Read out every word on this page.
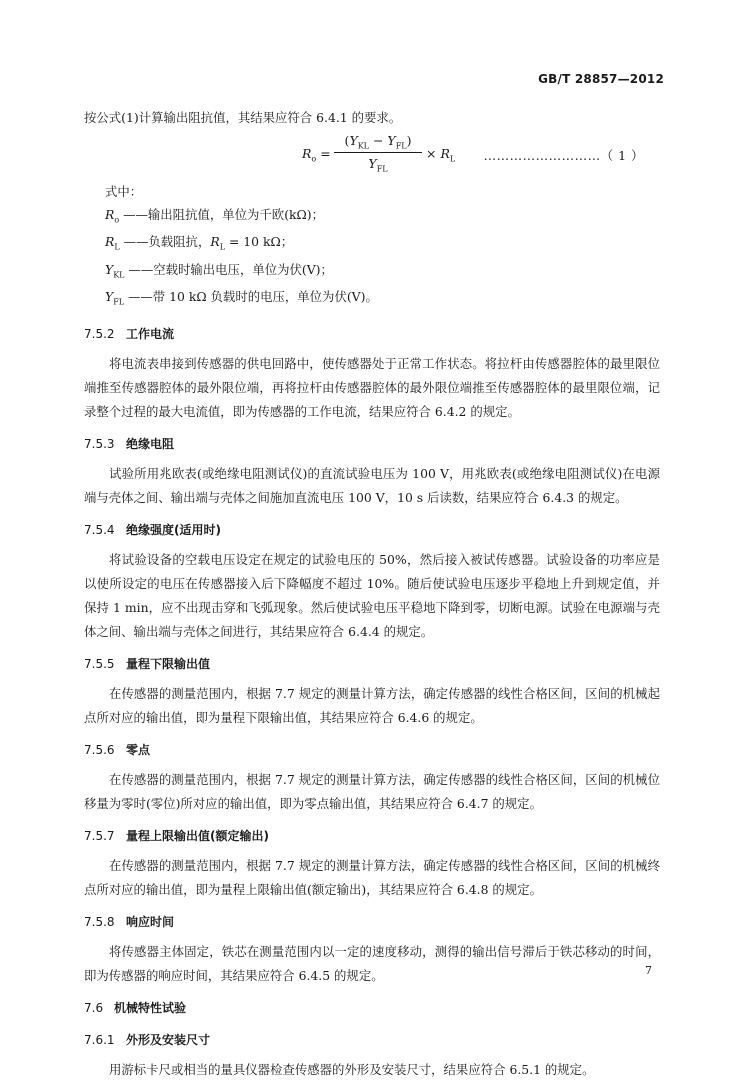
GB/T 28857—2012

按公式(1)计算输出阻抗值，其结果应符合 6.4.1 的要求。

$R_o$ =
$(Y_{KL} - Y_{FL})$
$Y_{FL}$
× $R_L$ ………………………（ 1 ）

式中：

$R_o$ ——输出阻抗值，单位为千欧(kΩ)；

$R_L$ ——负载阻抗，$R_L = 10$ kΩ；

$Y_{KL}$ ——空载时输出电压，单位为伏(V)；

$Y_{FL}$ ——带 10 kΩ 负载时的电压，单位为伏(V)。

7.5.2 工作电流

将电流表串接到传感器的供电回路中，使传感器处于正常工作状态。将拉杆由传感器腔体的最里限位端推至传感器腔体的最外限位端，再将拉杆由传感器腔体的最外限位端推至传感器腔体的最里限位端，记录整个过程的最大电流值，即为传感器的工作电流，结果应符合 6.4.2 的规定。

7.5.3 绝缘电阻

试验所用兆欧表(或绝缘电阻测试仪)的直流试验电压为 100 V，用兆欧表(或绝缘电阻测试仪)在电源端与壳体之间、输出端与壳体之间施加直流电压 100 V，10 s 后读数，结果应符合 6.4.3 的规定。

7.5.4 绝缘强度(适用时)

将试验设备的空载电压设定在规定的试验电压的 50%，然后接入被试传感器。试验设备的功率应是以使所设定的电压在传感器接入后下降幅度不超过 10%。随后使试验电压逐步平稳地上升到规定值，并保持 1 min，应不出现击穿和飞弧现象。然后使试验电压平稳地下降到零，切断电源。试验在电源端与壳体之间、输出端与壳体之间进行，其结果应符合 6.4.4 的规定。

7.5.5 量程下限输出值

在传感器的测量范围内，根据 7.7 规定的测量计算方法，确定传感器的线性合格区间，区间的机械起点所对应的输出值，即为量程下限输出值，其结果应符合 6.4.6 的规定。

7.5.6 零点

在传感器的测量范围内，根据 7.7 规定的测量计算方法，确定传感器的线性合格区间，区间的机械位移量为零时(零位)所对应的输出值，即为零点输出值，其结果应符合 6.4.7 的规定。

7.5.7 量程上限输出值(额定输出)

在传感器的测量范围内，根据 7.7 规定的测量计算方法，确定传感器的线性合格区间，区间的机械终点所对应的输出值，即为量程上限输出值(额定输出)，其结果应符合 6.4.8 的规定。

7.5.8 响应时间

将传感器主体固定，铁芯在测量范围内以一定的速度移动，测得的输出信号滞后于铁芯移动的时间，即为传感器的响应时间，其结果应符合 6.4.5 的规定。

7.6 机械特性试验
7.6.1 外形及安装尺寸

用游标卡尺或相当的量具仪器检查传感器的外形及安装尺寸，结果应符合 6.5.1 的规定。

7
